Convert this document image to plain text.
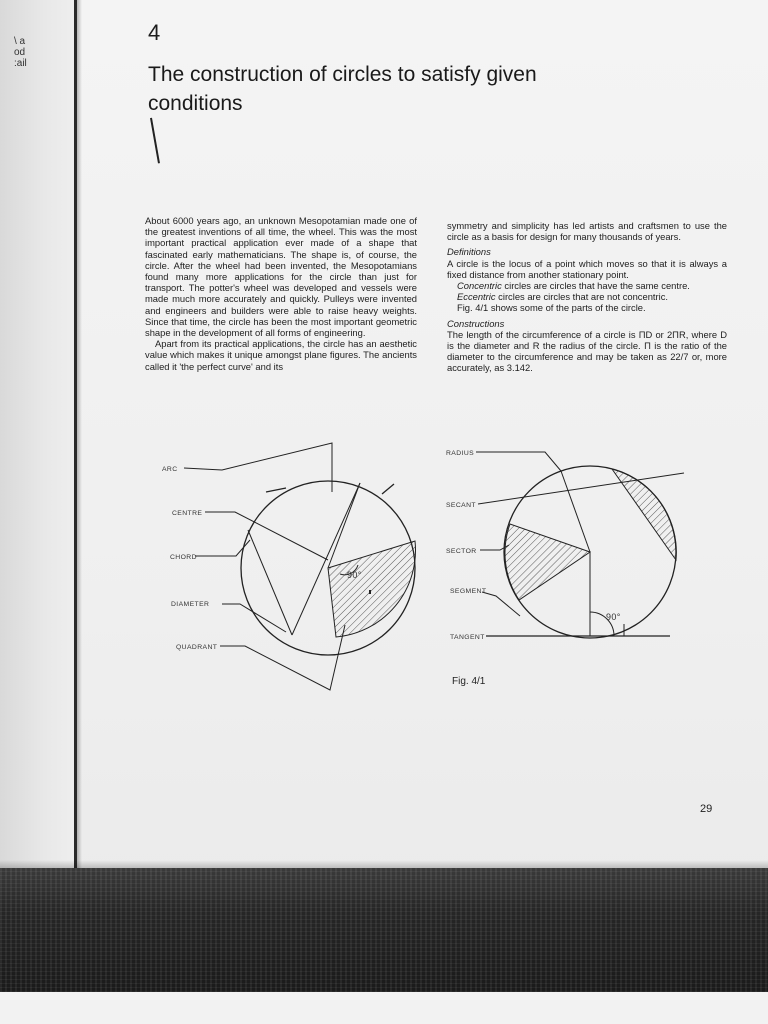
\ a
od
:ail
4
The construction of circles to satisfy given conditions

About 6000 years ago, an unknown Mesopotamian made one of the greatest inventions of all time, the wheel. This was the most important practical application ever made of a shape that fascinated early mathematicians. The shape is, of course, the circle. After the wheel had been invented, the Mesopotamians found many more applications for the circle than just for transport. The potter's wheel was developed and vessels were made much more accurately and quickly. Pulleys were invented and engineers and builders were able to raise heavy weights. Since that time, the circle has been the most important geometric shape in the development of all forms of engineering.

Apart from its practical applications, the circle has an aesthetic value which makes it unique amongst plane figures. The ancients called it 'the perfect curve' and its

symmetry and simplicity has led artists and craftsmen to use the circle as a basis for design for many thousands of years.

Definitions

A circle is the locus of a point which moves so that it is always a fixed distance from another stationary point.

Concentric circles are circles that have the same centre.

Eccentric circles are circles that are not concentric.

Fig. 4/1 shows some of the parts of the circle.

Constructions

The length of the circumference of a circle is ΠD or 2ΠR, where D is the diameter and R the radius of the circle. Π is the ratio of the diameter to the circumference and may be taken as 22/7 or, more accurately, as 3.142.

ARC
CENTRE
CHORD
DIAMETER
QUADRANT
90°
RADIUS
SECANT
SECTOR
SEGMENT
TANGENT
90°
Fig. 4/1
29
